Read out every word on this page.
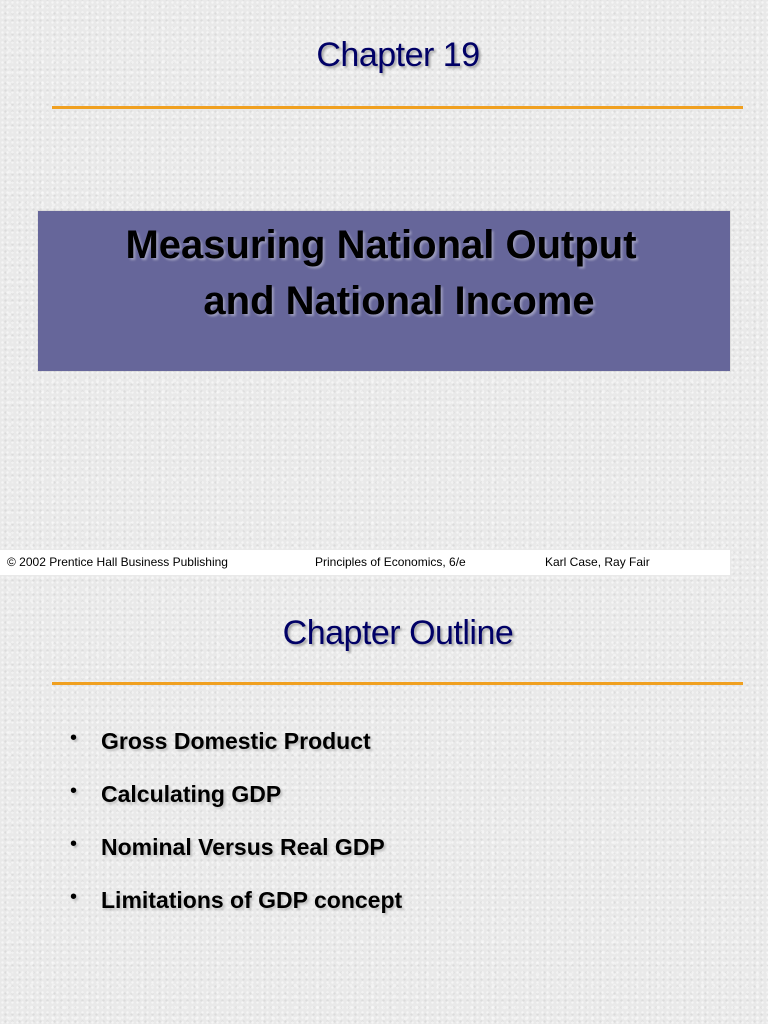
Chapter 19
Measuring National Output
and National Income
© 2002 Prentice Hall Business Publishing	Principles of Economics, 6/e	Karl Case, Ray Fair
Chapter Outline
• Gross Domestic Product
• Calculating GDP
• Nominal Versus Real GDP
• Limitations of GDP concept
